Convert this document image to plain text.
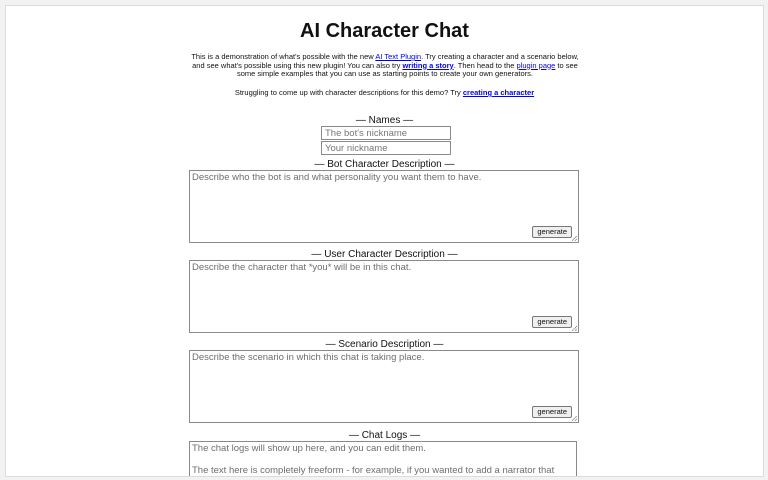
AI Character Chat
This is a demonstration of what's possible with the new AI Text Plugin. Try creating a character and a scenario below, and see what's possible using this new plugin! You can also try writing a story. Then head to the plugin page to see some simple examples that you can use as starting points to create your own generators.
Struggling to come up with character descriptions for this demo? Try creating a character
— Names —
The bot's nickname
Your nickname
— Bot Character Description —
Describe who the bot is and what personality you want them to have.
generate
— User Character Description —
Describe the character that *you* will be in this chat.
generate
— Scenario Description —
Describe the scenario in which this chat is taking place.
generate
— Chat Logs —

The chat logs will show up here, and you can edit them.

The text here is completely freeform - for example, if you wanted to add a narrator that
